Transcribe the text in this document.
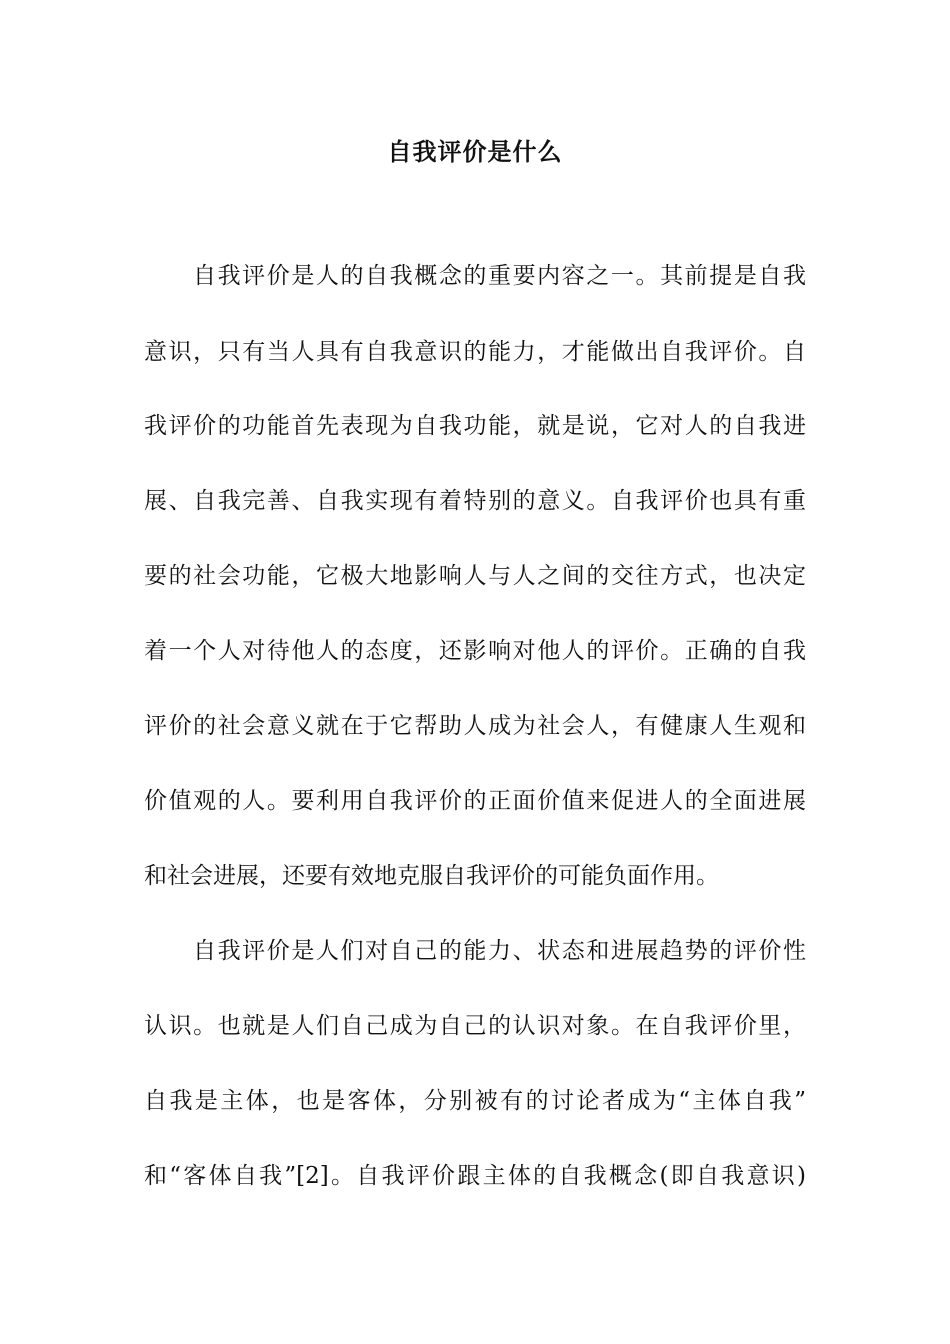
自我评价是什么
自我评价是人的自我概念的重要内容之一。其前提是自我
意识，只有当人具有自我意识的能力，才能做出自我评价。自
我评价的功能首先表现为自我功能，就是说，它对人的自我进
展、自我完善、自我实现有着特别的意义。自我评价也具有重
要的社会功能，它极大地影响人与人之间的交往方式，也决定
着一个人对待他人的态度，还影响对他人的评价。正确的自我
评价的社会意义就在于它帮助人成为社会人，有健康人生观和
价值观的人。要利用自我评价的正面价值来促进人的全面进展
和社会进展，还要有效地克服自我评价的可能负面作用。
自我评价是人们对自己的能力、状态和进展趋势的评价性
认识。也就是人们自己成为自己的认识对象。在自我评价里，
自我是主体，也是客体，分别被有的讨论者成为“主体自我”
和“客体自我”[2]。自我评价跟主体的自我概念(即自我意识)
